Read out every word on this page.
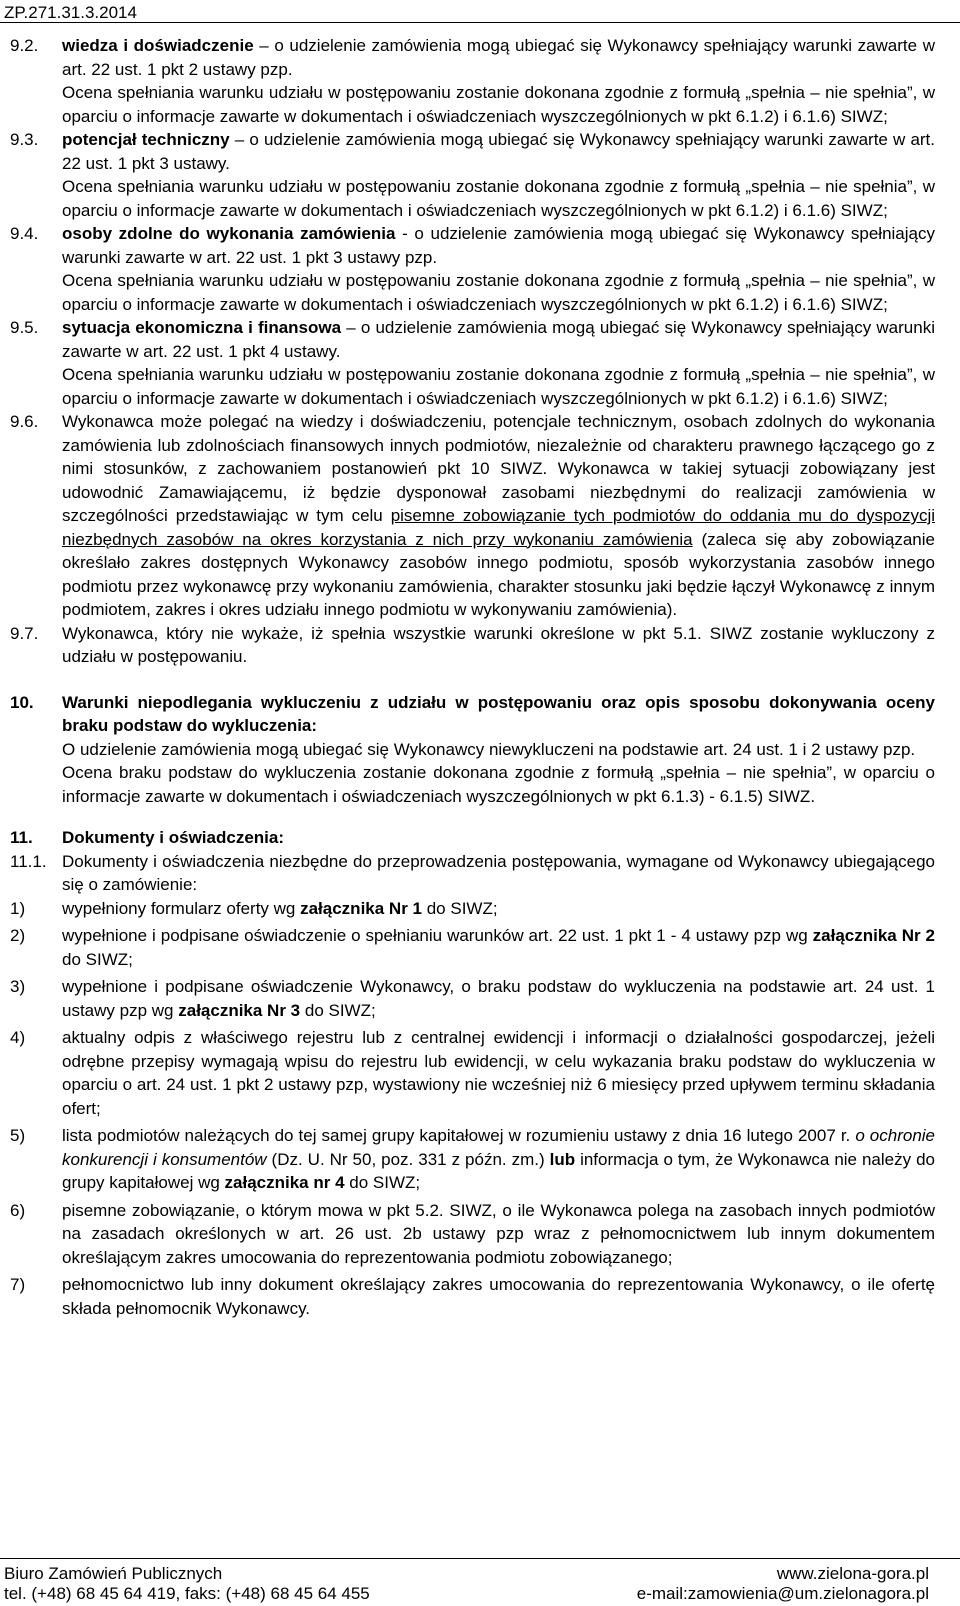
ZP.271.31.3.2014
9.2.	wiedza i doświadczenie – o udzielenie zamówienia mogą ubiegać się Wykonawcy spełniający warunki zawarte w art. 22 ust. 1 pkt 2 ustawy pzp.
Ocena spełniania warunku udziału w postępowaniu zostanie dokonana zgodnie z formułą „spełnia – nie spełnia”, w oparciu o informacje zawarte w dokumentach i oświadczeniach wyszczególnionych w pkt 6.1.2) i 6.1.6) SIWZ;
9.3.	potencjał techniczny – o udzielenie zamówienia mogą ubiegać się Wykonawcy spełniający warunki zawarte w art. 22 ust. 1 pkt 3 ustawy.
Ocena spełniania warunku udziału w postępowaniu zostanie dokonana zgodnie z formułą „spełnia – nie spełnia”, w oparciu o informacje zawarte w dokumentach i oświadczeniach wyszczególnionych w pkt 6.1.2) i 6.1.6) SIWZ;
9.4.	osoby zdolne do wykonania zamówienia - o udzielenie zamówienia mogą ubiegać się Wykonawcy spełniający warunki zawarte w art. 22 ust. 1 pkt 3 ustawy pzp.
Ocena spełniania warunku udziału w postępowaniu zostanie dokonana zgodnie z formułą „spełnia – nie spełnia”, w oparciu o informacje zawarte w dokumentach i oświadczeniach wyszczególnionych w pkt 6.1.2) i 6.1.6) SIWZ;
9.5.	sytuacja ekonomiczna i finansowa – o udzielenie zamówienia mogą ubiegać się Wykonawcy spełniający warunki zawarte w art. 22 ust. 1 pkt 4 ustawy.
Ocena spełniania warunku udziału w postępowaniu zostanie dokonana zgodnie z formułą „spełnia – nie spełnia”, w oparciu o informacje zawarte w dokumentach i oświadczeniach wyszczególnionych w pkt 6.1.2) i 6.1.6) SIWZ;
9.6.	Wykonawca może polegać na wiedzy i doświadczeniu, potencjale technicznym, osobach zdolnych do wykonania zamówienia lub zdolnościach finansowych innych podmiotów, niezależnie od charakteru prawnego łączącego go z nimi stosunków, z zachowaniem postanowień pkt 10 SIWZ. Wykonawca w takiej sytuacji zobowiązany jest udowodnić Zamawiającemu, iż będzie dysponował zasobami niezbędnymi do realizacji zamówienia w szczególności przedstawiając w tym celu pisemne zobowiązanie tych podmiotów do oddania mu do dyspozycji niezbędnych zasobów na okres korzystania z nich przy wykonaniu zamówienia (zaleca się aby zobowiązanie określało zakres dostępnych Wykonawcy zasobów innego podmiotu, sposób wykorzystania zasobów innego podmiotu przez wykonawcę przy wykonaniu zamówienia, charakter stosunku jaki będzie łączył Wykonawcę z innym podmiotem, zakres i okres udziału innego podmiotu w wykonywaniu zamówienia).
9.7.	Wykonawca, który nie wykaże, iż spełnia wszystkie warunki określone w pkt 5.1. SIWZ zostanie wykluczony z udziału w postępowaniu.
10.	Warunki niepodlegania wykluczeniu z udziału w postępowaniu oraz opis sposobu dokonywania oceny braku podstaw do wykluczenia:
O udzielenie zamówienia mogą ubiegać się Wykonawcy niewykluczeni na podstawie art. 24 ust. 1 i 2 ustawy pzp.
Ocena braku podstaw do wykluczenia zostanie dokonana zgodnie z formułą „spełnia – nie spełnia”, w oparciu o informacje zawarte w dokumentach i oświadczeniach wyszczególnionych w pkt 6.1.3) - 6.1.5) SIWZ.
11.	Dokumenty i oświadczenia:
11.1. Dokumenty i oświadczenia niezbędne do przeprowadzenia postępowania, wymagane od Wykonawcy ubiegającego się o zamówienie:
1)	wypełniony formularz oferty wg załącznika Nr 1 do SIWZ;
2)	wypełnione i podpisane oświadczenie o spełnianiu warunków art. 22 ust. 1 pkt 1 - 4 ustawy pzp wg załącznika Nr 2 do SIWZ;
3)	wypełnione i podpisane oświadczenie Wykonawcy, o braku podstaw do wykluczenia na podstawie art. 24 ust. 1 ustawy pzp wg załącznika Nr 3 do SIWZ;
4)	aktualny odpis z właściwego rejestru lub z centralnej ewidencji i informacji o działalności gospodarczej, jeżeli odrębne przepisy wymagają wpisu do rejestru lub ewidencji, w celu wykazania braku podstaw do wykluczenia w oparciu o art. 24 ust. 1 pkt 2 ustawy pzp, wystawiony nie wcześniej niż 6 miesięcy przed upływem terminu składania ofert;
5)	lista podmiotów należących do tej samej grupy kapitałowej w rozumieniu ustawy z dnia 16 lutego 2007 r. o ochronie konkurencji i konsumentów (Dz. U. Nr 50, poz. 331 z późn. zm.) lub informacja o tym, że Wykonawca nie należy do grupy kapitałowej wg załącznika nr 4 do SIWZ;
6)	pisemne zobowiązanie, o którym mowa w pkt 5.2. SIWZ, o ile Wykonawca polega na zasobach innych podmiotów na zasadach określonych w art. 26 ust. 2b ustawy pzp wraz z pełnomocnictwem lub innym dokumentem określającym zakres umocowania do reprezentowania podmiotu zobowiązanego;
7)	pełnomocnictwo lub inny dokument określający zakres umocowania do reprezentowania Wykonawcy, o ile ofertę składa pełnomocnik Wykonawcy.
Biuro Zamówień Publicznych	www.zielona-gora.pl
tel. (+48) 68 45 64 419, faks: (+48) 68 45 64 455	e-mail:zamowienia@um.zielonagora.pl
